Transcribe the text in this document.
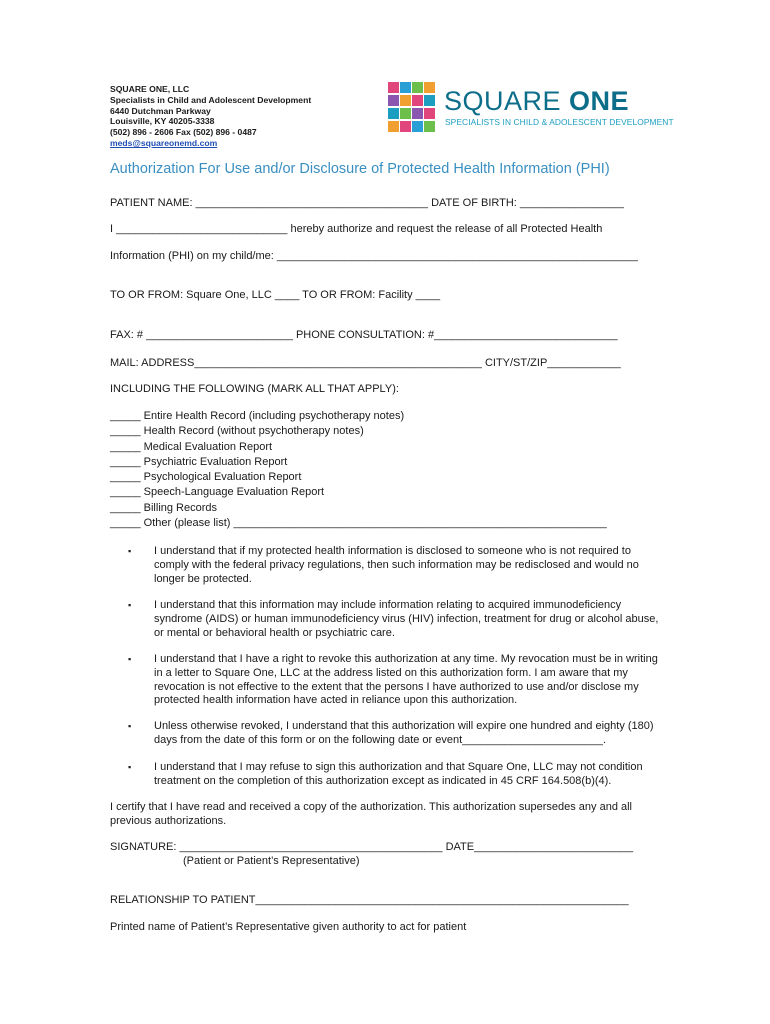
SQUARE ONE, LLC
Specialists in Child and Adolescent Development
6440 Dutchman Parkway
Louisville, KY 40205-3338
(502) 896 - 2606 Fax (502) 896 - 0487
meds@squareonemd.com
SQUARE ONE
SPECIALISTS IN CHILD & ADOLESCENT DEVELOPMENT
Authorization For Use and/or Disclosure of Protected Health Information (PHI)
PATIENT NAME: ______________________________________ DATE OF BIRTH: _________________
I ____________________________ hereby authorize and request the release of all Protected Health
Information (PHI) on my child/me: ___________________________________________________________
TO OR FROM: Square One, LLC ____ TO OR FROM: Facility ____
FAX: # ________________________ PHONE CONSULTATION: #______________________________
MAIL: ADDRESS_______________________________________________ CITY/ST/ZIP____________
INCLUDING THE FOLLOWING (MARK ALL THAT APPLY):
_____ Entire Health Record (including psychotherapy notes)
_____ Health Record (without psychotherapy notes)
_____ Medical Evaluation Report
_____ Psychiatric Evaluation Report
_____ Psychological Evaluation Report
_____ Speech-Language Evaluation Report
_____ Billing Records
_____ Other (please list) _____________________________________________________________
▪ I understand that if my protected health information is disclosed to someone who is not required to comply with the federal privacy regulations, then such information may be redisclosed and would no longer be protected.
▪ I understand that this information may include information relating to acquired immunodeficiency syndrome (AIDS) or human immunodeficiency virus (HIV) infection, treatment for drug or alcohol abuse, or mental or behavioral health or psychiatric care.
▪ I understand that I have a right to revoke this authorization at any time. My revocation must be in writing in a letter to Square One, LLC at the address listed on this authorization form. I am aware that my revocation is not effective to the extent that the persons I have authorized to use and/or disclose my protected health information have acted in reliance upon this authorization.
▪ Unless otherwise revoked, I understand that this authorization will expire one hundred and eighty (180) days from the date of this form or on the following date or event_______________________.
▪ I understand that I may refuse to sign this authorization and that Square One, LLC may not condition treatment on the completion of this authorization except as indicated in 45 CRF 164.508(b)(4).
I certify that I have read and received a copy of the authorization. This authorization supersedes any and all previous authorizations.
SIGNATURE: ___________________________________________ DATE__________________________
(Patient or Patient’s Representative)
RELATIONSHIP TO PATIENT_____________________________________________________________
Printed name of Patient’s Representative given authority to act for patient
